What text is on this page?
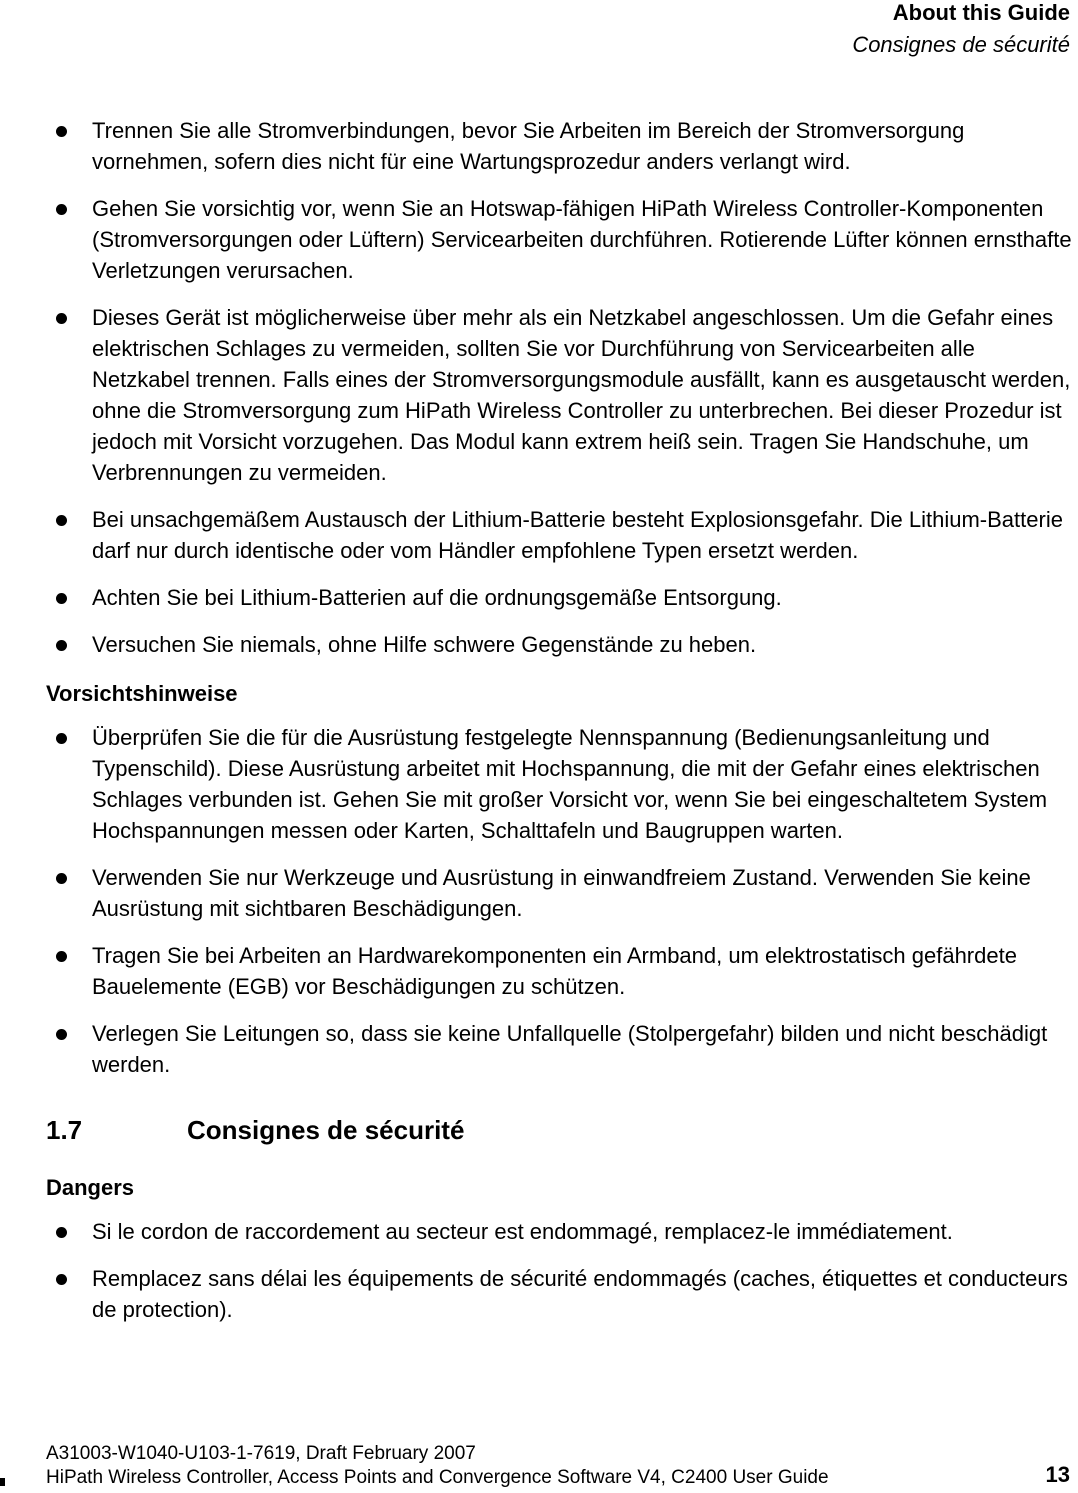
About this Guide
Consignes de sécurité
Trennen Sie alle Stromverbindungen, bevor Sie Arbeiten im Bereich der Stromversorgung vornehmen, sofern dies nicht für eine Wartungsprozedur anders verlangt wird.
Gehen Sie vorsichtig vor, wenn Sie an Hotswap-fähigen HiPath Wireless Controller-Komponenten (Stromversorgungen oder Lüftern) Servicearbeiten durchführen. Rotierende Lüfter können ernsthafte Verletzungen verursachen.
Dieses Gerät ist möglicherweise über mehr als ein Netzkabel angeschlossen. Um die Gefahr eines elektrischen Schlages zu vermeiden, sollten Sie vor Durchführung von Servicearbeiten alle Netzkabel trennen. Falls eines der Stromversorgungsmodule ausfällt, kann es ausgetauscht werden, ohne die Stromversorgung zum HiPath Wireless Controller zu unterbrechen. Bei dieser Prozedur ist jedoch mit Vorsicht vorzugehen. Das Modul kann extrem heiß sein. Tragen Sie Handschuhe, um Verbrennungen zu vermeiden.
Bei unsachgemäßem Austausch der Lithium-Batterie besteht Explosionsgefahr. Die Lithium-Batterie darf nur durch identische oder vom Händler empfohlene Typen ersetzt werden.
Achten Sie bei Lithium-Batterien auf die ordnungsgemäße Entsorgung.
Versuchen Sie niemals, ohne Hilfe schwere Gegenstände zu heben.
Vorsichtshinweise
Überprüfen Sie die für die Ausrüstung festgelegte Nennspannung (Bedienungsanleitung und Typenschild). Diese Ausrüstung arbeitet mit Hochspannung, die mit der Gefahr eines elektrischen Schlages verbunden ist. Gehen Sie mit großer Vorsicht vor, wenn Sie bei eingeschaltetem System Hochspannungen messen oder Karten, Schalttafeln und Baugruppen warten.
Verwenden Sie nur Werkzeuge und Ausrüstung in einwandfreiem Zustand. Verwenden Sie keine Ausrüstung mit sichtbaren Beschädigungen.
Tragen Sie bei Arbeiten an Hardwarekomponenten ein Armband, um elektrostatisch gefährdete Bauelemente (EGB) vor Beschädigungen zu schützen.
Verlegen Sie Leitungen so, dass sie keine Unfallquelle (Stolpergefahr) bilden und nicht beschädigt werden.
1.7	Consignes de sécurité
Dangers
Si le cordon de raccordement au secteur est endommagé, remplacez-le immédiatement.
Remplacez sans délai les équipements de sécurité endommagés (caches, étiquettes et conducteurs de protection).
A31003-W1040-U103-1-7619, Draft February 2007
HiPath Wireless Controller, Access Points and Convergence Software V4, C2400 User Guide	13
